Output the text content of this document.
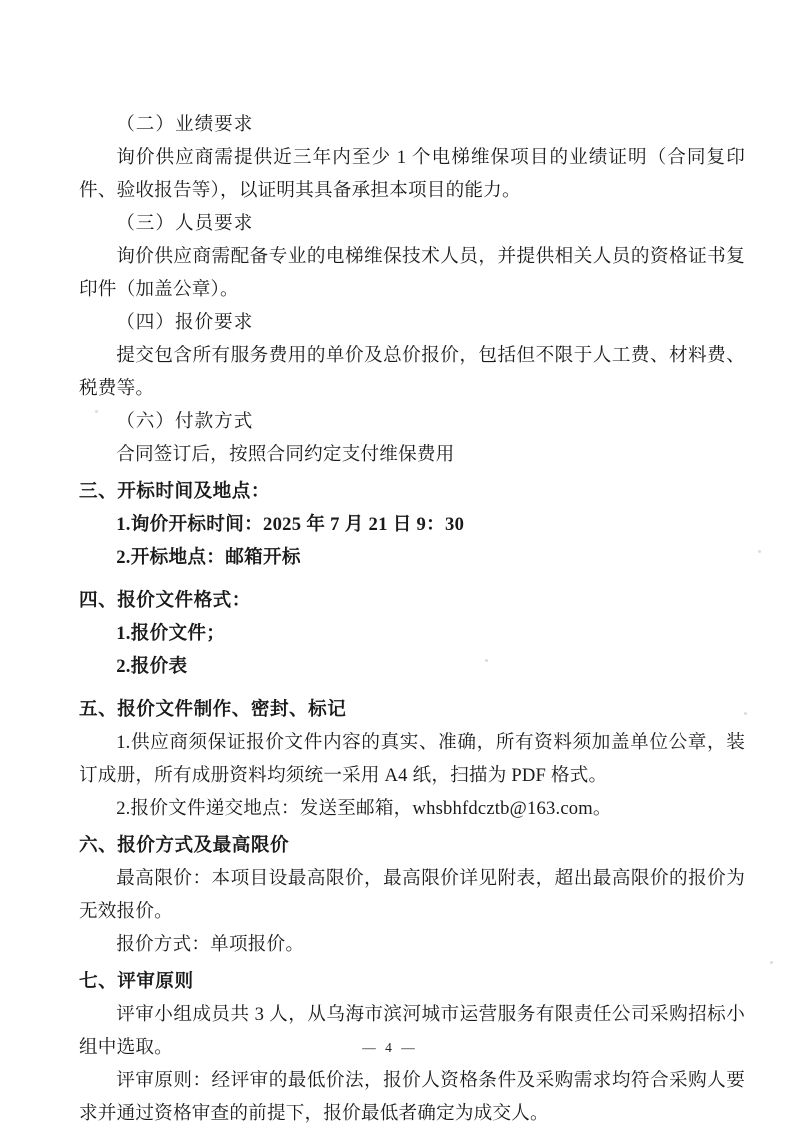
（二）业绩要求
询价供应商需提供近三年内至少 1 个电梯维保项目的业绩证明（合同复印件、验收报告等），以证明其具备承担本项目的能力。
（三）人员要求
询价供应商需配备专业的电梯维保技术人员，并提供相关人员的资格证书复印件（加盖公章）。
（四）报价要求
提交包含所有服务费用的单价及总价报价，包括但不限于人工费、材料费、税费等。
（六）付款方式
合同签订后，按照合同约定支付维保费用
三、开标时间及地点：
1.询价开标时间：2025 年 7 月 21 日 9：30
2.开标地点：邮箱开标
四、报价文件格式：
1.报价文件；
2.报价表
五、报价文件制作、密封、标记
1.供应商须保证报价文件内容的真实、准确，所有资料须加盖单位公章，装订成册，所有成册资料均须统一采用 A4 纸，扫描为 PDF 格式。
2.报价文件递交地点：发送至邮箱，whsbhfdcztb@163.com。
六、报价方式及最高限价
最高限价：本项目设最高限价，最高限价详见附表，超出最高限价的报价为无效报价。
报价方式：单项报价。
七、评审原则
评审小组成员共 3 人，从乌海市滨河城市运营服务有限责任公司采购招标小组中选取。
评审原则：经评审的最低价法，报价人资格条件及采购需求均符合采购人要求并通过资格审查的前提下，报价最低者确定为成交人。
— 4 —
